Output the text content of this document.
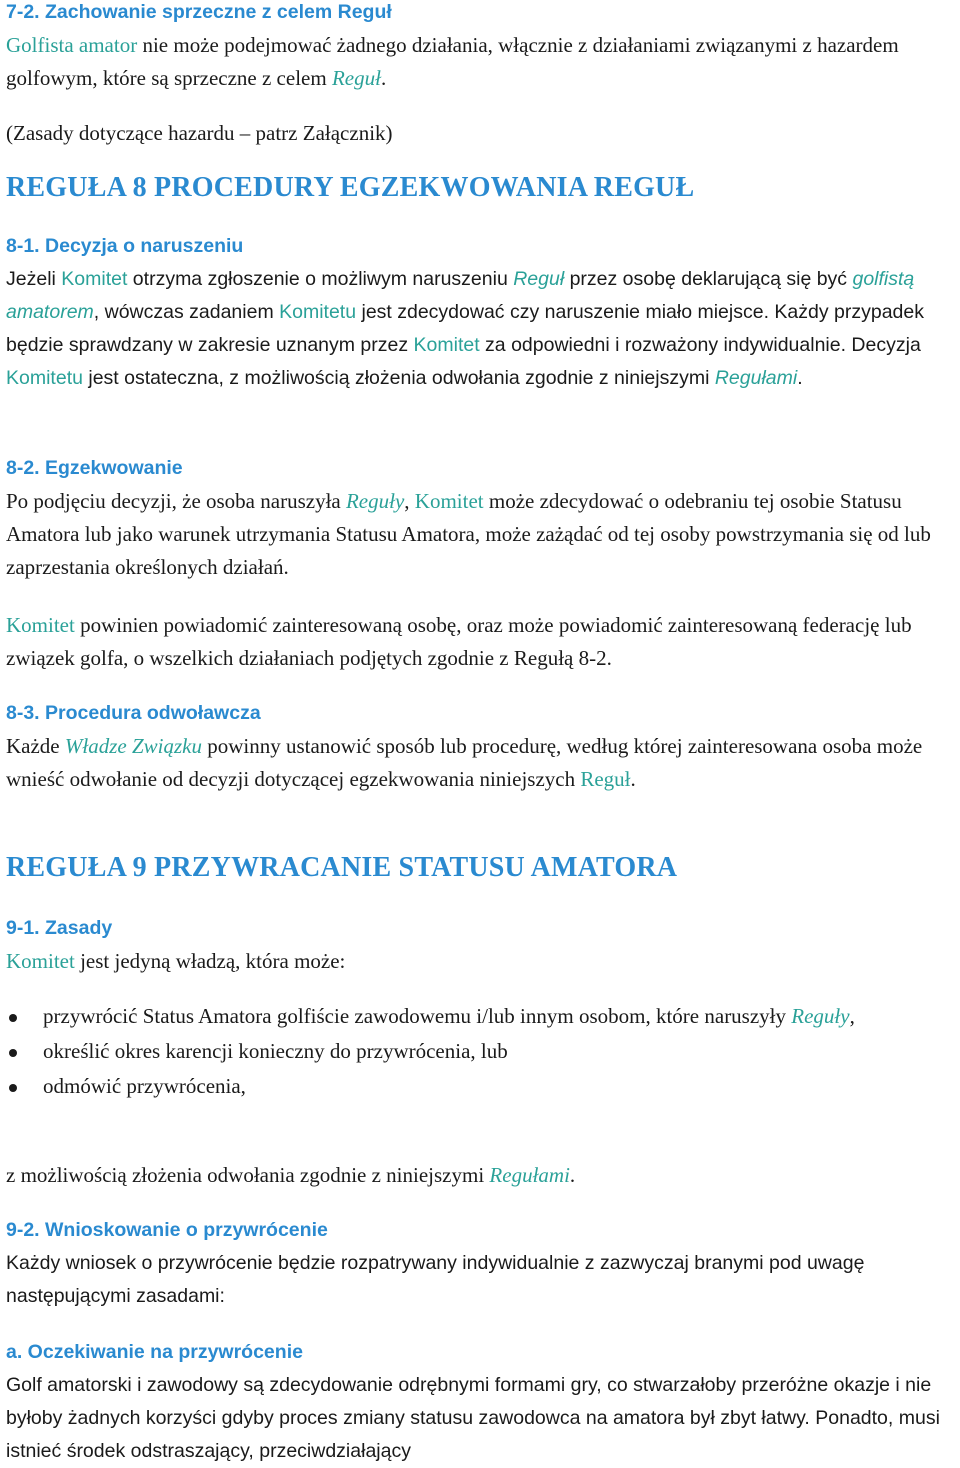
7-2. Zachowanie sprzeczne z celem Reguł
Golfista amator nie może podejmować żadnego działania, włącznie z działaniami związanymi z hazardem golfowym, które są sprzeczne z celem Reguł.
(Zasady dotyczące hazardu – patrz Załącznik)
REGUŁA 8 PROCEDURY EGZEKWOWANIA REGUŁ
8-1. Decyzja o naruszeniu
Jeżeli Komitet otrzyma zgłoszenie o możliwym naruszeniu Reguł przez osobę deklarującą się być golfistą amatorem, wówczas zadaniem Komitetu jest zdecydować czy naruszenie miało miejsce. Każdy przypadek będzie sprawdzany w zakresie uznanym przez Komitet za odpowiedni i rozważony indywidualnie. Decyzja Komitetu jest ostateczna, z możliwością złożenia odwołania zgodnie z niniejszymi Regułami.
8-2. Egzekwowanie
Po podjęciu decyzji, że osoba naruszyła Reguły, Komitet może zdecydować o odebraniu tej osobie Statusu Amatora lub jako warunek utrzymania Statusu Amatora, może zażądać od tej osoby powstrzymania się od lub zaprzestania określonych działań.
Komitet powinien powiadomić zainteresowaną osobę, oraz może powiadomić zainteresowaną federację lub związek golfa, o wszelkich działaniach podjętych zgodnie z Regułą 8-2.
8-3. Procedura odwoławcza
Każde Władze Związku powinny ustanowić sposób lub procedurę, według której zainteresowana osoba może wnieść odwołanie od decyzji dotyczącej egzekwowania niniejszych Reguł.
REGUŁA 9 PRZYWRACANIE STATUSU AMATORA
9-1. Zasady
Komitet jest jedyną władzą, która może:
przywrócić Status Amatora golfiście zawodowemu i/lub innym osobom, które naruszyły Reguły,
określić okres karencji konieczny do przywrócenia, lub
odmówić przywrócenia,
z możliwością złożenia odwołania zgodnie z niniejszymi Regułami.
9-2. Wnioskowanie o przywrócenie
Każdy wniosek o przywrócenie będzie rozpatrywany indywidualnie z zazwyczaj branymi pod uwagę następującymi zasadami:
a. Oczekiwanie na przywrócenie
Golf amatorski i zawodowy są zdecydowanie odrębnymi formami gry, co stwarzałoby przeróżne okazje i nie byłoby żadnych korzyści gdyby proces zmiany statusu zawodowca na amatora był zbyt łatwy. Ponadto, musi istnieć środek odstraszający, przeciwdziałający
